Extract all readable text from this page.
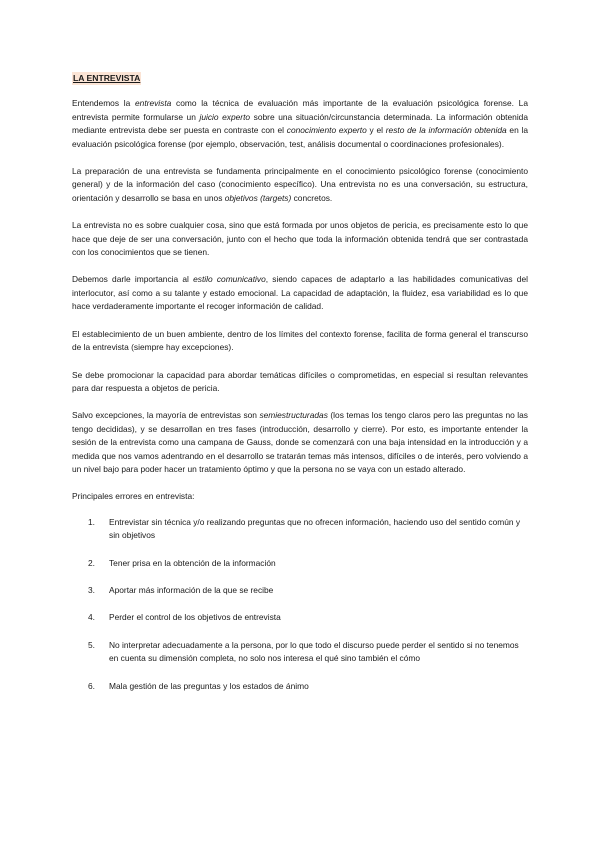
LA ENTREVISTA

Entendemos la entrevista como la técnica de evaluación más importante de la evaluación psicológica forense. La entrevista permite formularse un juicio experto sobre una situación/circunstancia determinada. La información obtenida mediante entrevista debe ser puesta en contraste con el conocimiento experto y el resto de la información obtenida en la evaluación psicológica forense (por ejemplo, observación, test, análisis documental o coordinaciones profesionales).

La preparación de una entrevista se fundamenta principalmente en el conocimiento psicológico forense (conocimiento general) y de la información del caso (conocimiento específico). Una entrevista no es una conversación, su estructura, orientación y desarrollo se basa en unos objetivos (targets) concretos.

La entrevista no es sobre cualquier cosa, sino que está formada por unos objetos de pericia, es precisamente esto lo que hace que deje de ser una conversación, junto con el hecho que toda la información obtenida tendrá que ser contrastada con los conocimientos que se tienen.

Debemos darle importancia al estilo comunicativo, siendo capaces de adaptarlo a las habilidades comunicativas del interlocutor, así como a su talante y estado emocional. La capacidad de adaptación, la fluidez, esa variabilidad es lo que hace verdaderamente importante el recoger información de calidad.

El establecimiento de un buen ambiente, dentro de los límites del contexto forense, facilita de forma general el transcurso de la entrevista (siempre hay excepciones).

Se debe promocionar la capacidad para abordar temáticas difíciles o comprometidas, en especial si resultan relevantes para dar respuesta a objetos de pericia.

Salvo excepciones, la mayoría de entrevistas son semiestructuradas (los temas los tengo claros pero las preguntas no las tengo decididas), y se desarrollan en tres fases (introducción, desarrollo y cierre). Por esto, es importante entender la sesión de la entrevista como una campana de Gauss, donde se comenzará con una baja intensidad en la introducción y a medida que nos vamos adentrando en el desarrollo se tratarán temas más intensos, difíciles o de interés, pero volviendo a un nivel bajo para poder hacer un tratamiento óptimo y que la persona no se vaya con un estado alterado.

Principales errores en entrevista:

1. Entrevistar sin técnica y/o realizando preguntas que no ofrecen información, haciendo uso del sentido común y sin objetivos
2. Tener prisa en la obtención de la información
3. Aportar más información de la que se recibe
4. Perder el control de los objetivos de entrevista
5. No interpretar adecuadamente a la persona, por lo que todo el discurso puede perder el sentido si no tenemos en cuenta su dimensión completa, no solo nos interesa el qué sino también el cómo
6. Mala gestión de las preguntas y los estados de ánimo
